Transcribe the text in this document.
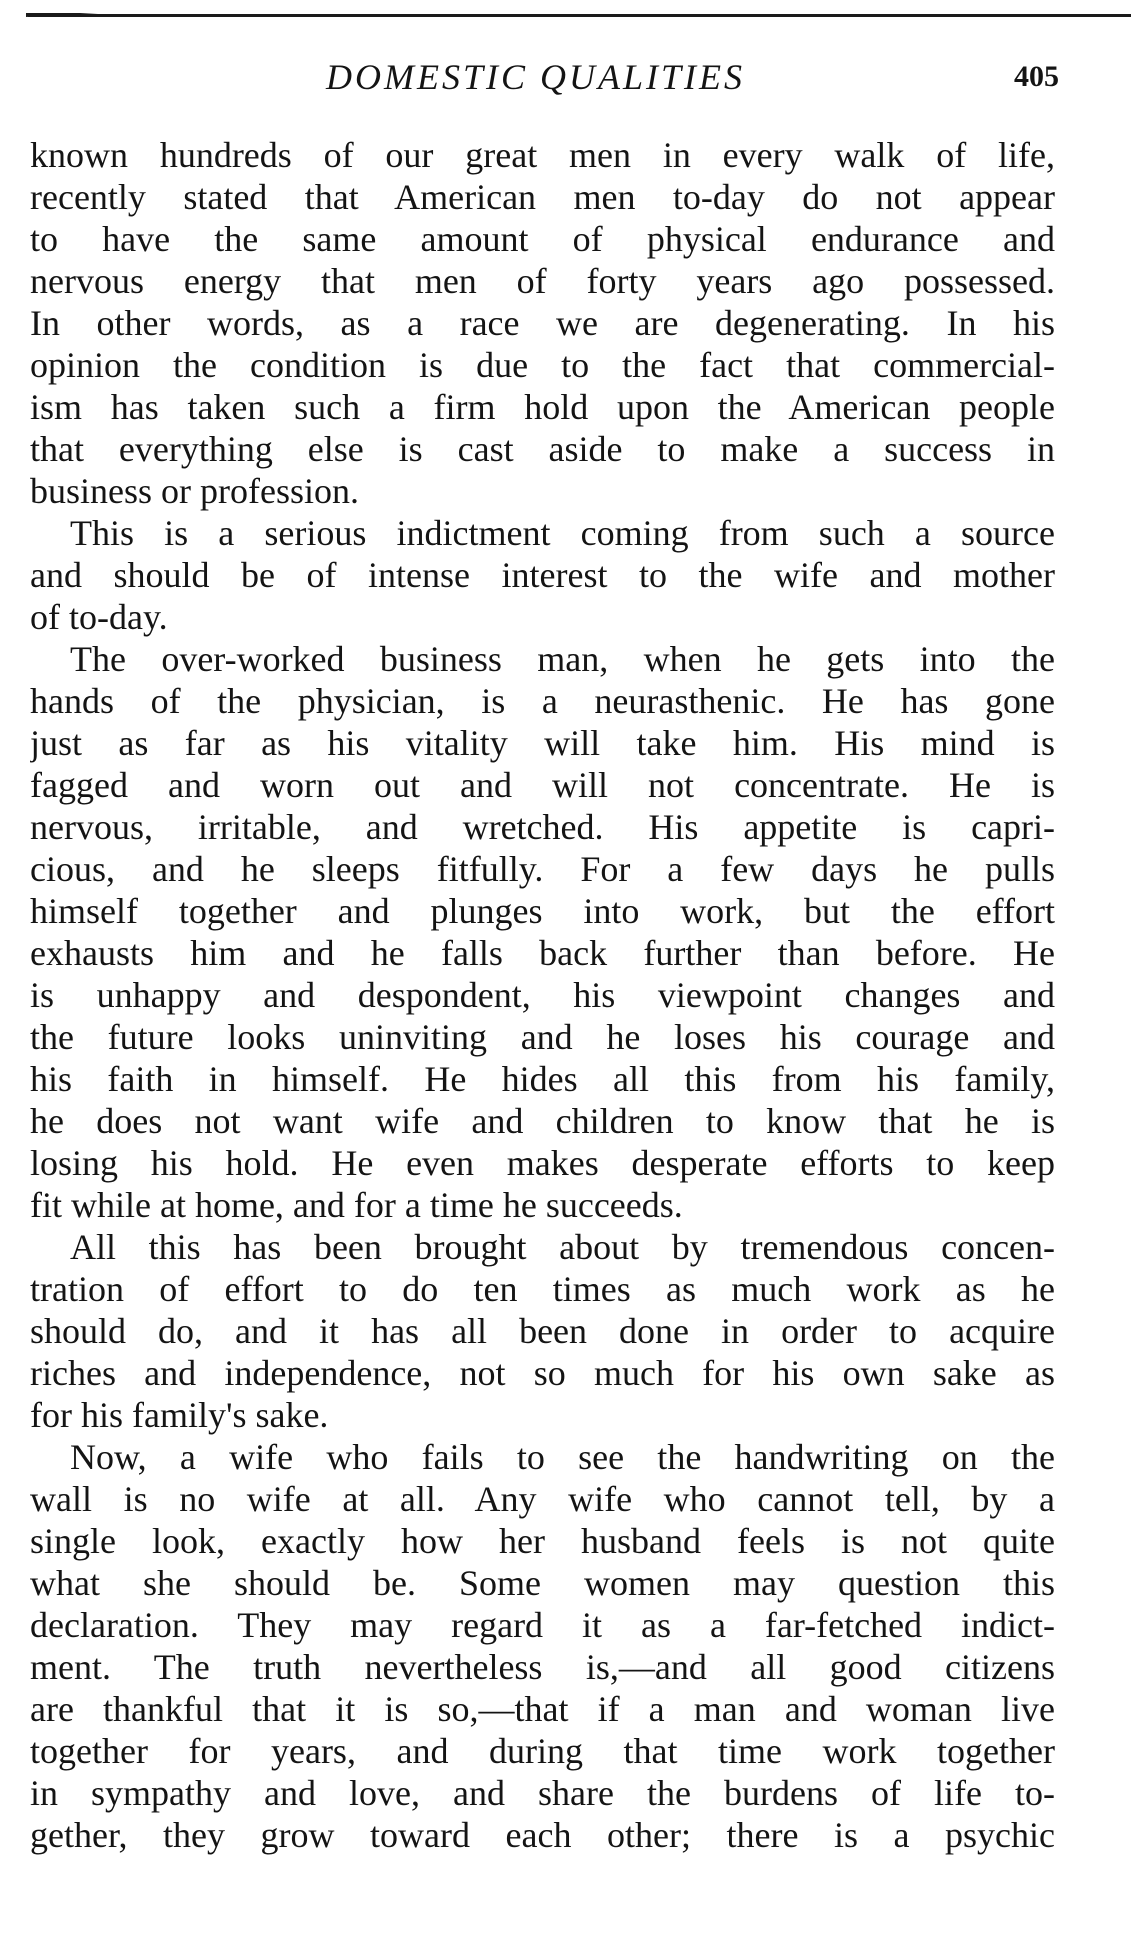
DOMESTIC QUALITIES	405
known hundreds of our great men in every walk of life,
recently stated that American men to-day do not appear
to have the same amount of physical endurance and
nervous energy that men of forty years ago possessed.
In other words, as a race we are degenerating. In his
opinion the condition is due to the fact that commercial-
ism has taken such a firm hold upon the American people
that everything else is cast aside to make a success in
business or profession.
This is a serious indictment coming from such a source
and should be of intense interest to the wife and mother
of to-day.
The over-worked business man, when he gets into the
hands of the physician, is a neurasthenic. He has gone
just as far as his vitality will take him. His mind is
fagged and worn out and will not concentrate. He is
nervous, irritable, and wretched. His appetite is capri-
cious, and he sleeps fitfully. For a few days he pulls
himself together and plunges into work, but the effort
exhausts him and he falls back further than before. He
is unhappy and despondent, his viewpoint changes and
the future looks uninviting and he loses his courage and
his faith in himself. He hides all this from his family,
he does not want wife and children to know that he is
losing his hold. He even makes desperate efforts to keep
fit while at home, and for a time he succeeds.
All this has been brought about by tremendous concen-
tration of effort to do ten times as much work as he
should do, and it has all been done in order to acquire
riches and independence, not so much for his own sake as
for his family's sake.
Now, a wife who fails to see the handwriting on the
wall is no wife at all. Any wife who cannot tell, by a
single look, exactly how her husband feels is not quite
what she should be. Some women may question this
declaration. They may regard it as a far-fetched indict-
ment. The truth nevertheless is,—and all good citizens
are thankful that it is so,—that if a man and woman live
together for years, and during that time work together
in sympathy and love, and share the burdens of life to-
gether, they grow toward each other; there is a psychic
